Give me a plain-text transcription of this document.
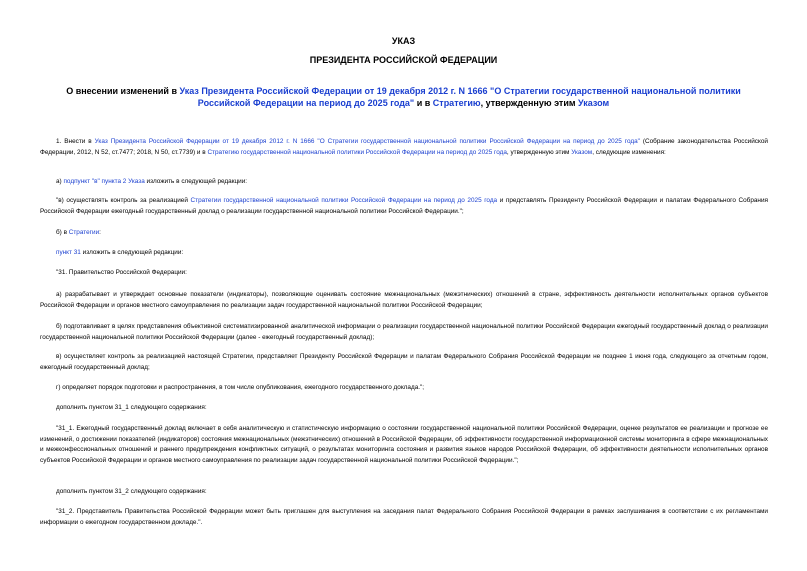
УКАЗ
ПРЕЗИДЕНТА РОССИЙСКОЙ ФЕДЕРАЦИИ
О внесении изменений в Указ Президента Российской Федерации от 19 декабря 2012 г. N 1666 "О Стратегии государственной национальной политики Российской Федерации на период до 2025 года" и в Стратегию, утвержденную этим Указом
1. Внести в Указ Президента Российской Федерации от 19 декабря 2012 г. N 1666 "О Стратегии государственной национальной политики Российской Федерации на период до 2025 года" (Собрание законодательства Российской Федерации, 2012, N 52, ст.7477; 2018, N 50, ст.7739) и в Стратегию государственной национальной политики Российской Федерации на период до 2025 года, утвержденную этим Указом, следующие изменения:
а) подпункт "в" пункта 2 Указа изложить в следующей редакции:
"в) осуществлять контроль за реализацией Стратегии государственной национальной политики Российской Федерации на период до 2025 года и представлять Президенту Российской Федерации и палатам Федерального Собрания Российской Федерации ежегодный государственный доклад о реализации государственной национальной политики Российской Федерации.";
б) в Стратегии:
пункт 31 изложить в следующей редакции:
"31. Правительство Российской Федерации:
а) разрабатывает и утверждает основные показатели (индикаторы), позволяющие оценивать состояние межнациональных (межэтнических) отношений в стране, эффективность деятельности исполнительных органов субъектов Российской Федерации и органов местного самоуправления по реализации задач государственной национальной политики Российской Федерации;
б) подготавливает в целях представления объективной систематизированной аналитической информации о реализации государственной национальной политики Российской Федерации ежегодный государственный доклад о реализации государственной национальной политики Российской Федерации (далее - ежегодный государственный доклад);
в) осуществляет контроль за реализацией настоящей Стратегии, представляет Президенту Российской Федерации и палатам Федерального Собрания Российской Федерации не позднее 1 июня года, следующего за отчетным годом, ежегодный государственный доклад;
г) определяет порядок подготовки и распространения, в том числе опубликования, ежегодного государственного доклада.";
дополнить пунктом 31_1 следующего содержания:
"31_1. Ежегодный государственный доклад включает в себя аналитическую и статистическую информацию о состоянии государственной национальной политики Российской Федерации, оценке результатов ее реализации и прогнозе ее изменений, о достижении показателей (индикаторов) состояния межнациональных (межэтнических) отношений в Российской Федерации, об эффективности государственной информационной системы мониторинга в сфере межнациональных и межконфессиональных отношений и раннего предупреждения конфликтных ситуаций, о результатах мониторинга состояния и развития языков народов Российской Федерации, об эффективности деятельности исполнительных органов субъектов Российской Федерации и органов местного самоуправления по реализации задач государственной национальной политики Российской Федерации.";
дополнить пунктом 31_2 следующего содержания:
"31_2. Представитель Правительства Российской Федерации может быть приглашен для выступления на заседания палат Федерального Собрания Российской Федерации в рамках заслушивания в соответствии с их регламентами информации о ежегодном государственном докладе.".
